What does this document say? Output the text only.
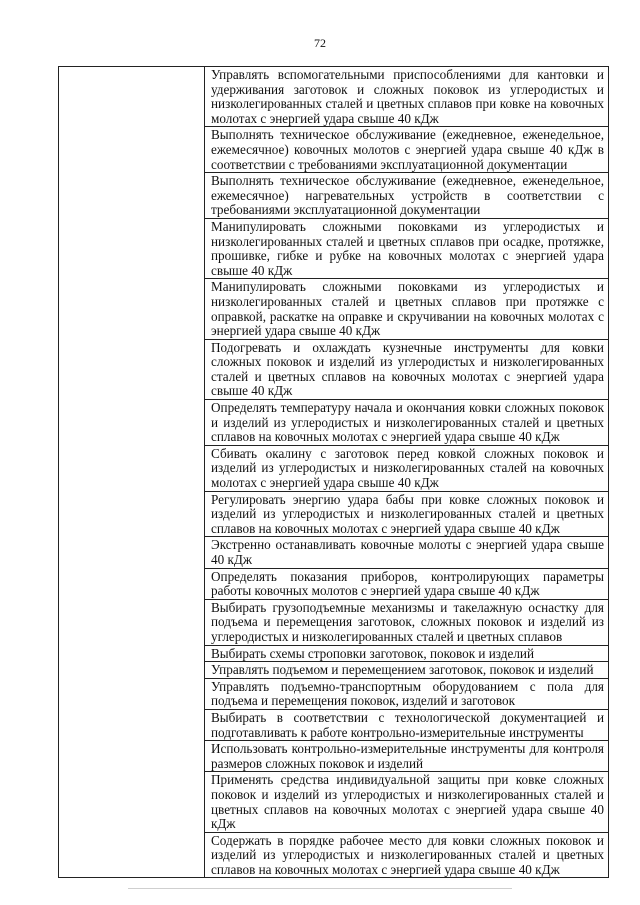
72
	Управлять вспомогательными приспособлениями для кантовки и удерживания заготовок и сложных поковок из углеродистых и низколегированных сталей и цветных сплавов при ковке на ковочных молотах с энергией удара свыше 40 кДж
Выполнять техническое обслуживание (ежедневное, еженедельное, ежемесячное) ковочных молотов с энергией удара свыше 40 кДж в соответствии с требованиями эксплуатационной документации
Выполнять техническое обслуживание (ежедневное, еженедельное, ежемесячное) нагревательных устройств в соответствии с требованиями эксплуатационной документации
Манипулировать сложными поковками из углеродистых и низколегированных сталей и цветных сплавов при осадке, протяжке, прошивке, гибке и рубке на ковочных молотах с энергией удара свыше 40 кДж
Манипулировать сложными поковками из углеродистых и низколегированных сталей и цветных сплавов при протяжке с оправкой, раскатке на оправке и скручивании на ковочных молотах с энергией удара свыше 40 кДж
Подогревать и охлаждать кузнечные инструменты для ковки сложных поковок и изделий из углеродистых и низколегированных сталей и цветных сплавов на ковочных молотах с энергией удара свыше 40 кДж
Определять температуру начала и окончания ковки сложных поковок и изделий из углеродистых и низколегированных сталей и цветных сплавов на ковочных молотах с энергией удара свыше 40 кДж
Сбивать окалину с заготовок перед ковкой сложных поковок и изделий из углеродистых и низколегированных сталей на ковочных молотах с энергией удара свыше 40 кДж
Регулировать энергию удара бабы при ковке сложных поковок и изделий из углеродистых и низколегированных сталей и цветных сплавов на ковочных молотах с энергией удара свыше 40 кДж
Экстренно останавливать ковочные молоты с энергией удара свыше 40 кДж
Определять показания приборов, контролирующих параметры работы ковочных молотов с энергией удара свыше 40 кДж
Выбирать грузоподъемные механизмы и такелажную оснастку для подъема и перемещения заготовок, сложных поковок и изделий из углеродистых и низколегированных сталей и цветных сплавов
Выбирать схемы строповки заготовок, поковок и изделий
Управлять подъемом и перемещением заготовок, поковок и изделий
Управлять подъемно-транспортным оборудованием с пола для подъема и перемещения поковок, изделий и заготовок
Выбирать в соответствии с технологической документацией и подготавливать к работе контрольно-измерительные инструменты
Использовать контрольно-измерительные инструменты для контроля размеров сложных поковок и изделий
Применять средства индивидуальной защиты при ковке сложных поковок и изделий из углеродистых и низколегированных сталей и цветных сплавов на ковочных молотах с энергией удара свыше 40 кДж
Содержать в порядке рабочее место для ковки сложных поковок и изделий из углеродистых и низколегированных сталей и цветных сплавов на ковочных молотах с энергией удара свыше 40 кДж
